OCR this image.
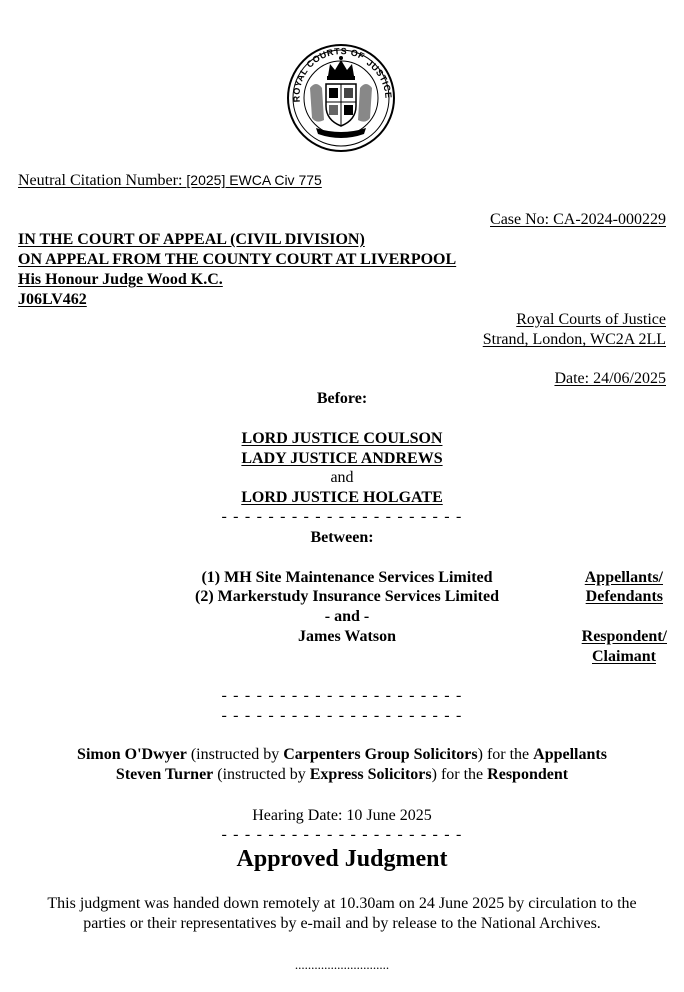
ROYAL COURTS OF
JUSTICE
Neutral Citation Number: [2025] EWCA Civ 775
Case No: CA-2024-000229
IN THE COURT OF APPEAL (CIVIL DIVISION)
ON APPEAL FROM THE COUNTY COURT AT LIVERPOOL
His Honour Judge Wood K.C.
J06LV462
Royal Courts of Justice
Strand, London, WC2A 2LL
Date: 24/06/2025
Before:
LORD JUSTICE COULSON
LADY JUSTICE ANDREWS
and
LORD JUSTICE HOLGATE
- - - - - - - - - - - - - - - - - - - - -
Between:
(1) MH Site Maintenance Services Limited
(2) Markerstudy Insurance Services Limited
- and -
James Watson
Appellants/
Defendants
Respondent/
Claimant
- - - - - - - - - - - - - - - - - - - - -
- - - - - - - - - - - - - - - - - - - - -
Simon O'Dwyer (instructed by Carpenters Group Solicitors) for the Appellants
Steven Turner (instructed by Express Solicitors) for the Respondent
Hearing Date: 10 June 2025
- - - - - - - - - - - - - - - - - - - - -
Approved Judgment
This judgment was handed down remotely at 10.30am on 24 June 2025 by circulation to the
parties or their representatives by e-mail and by release to the National Archives.
.............................
